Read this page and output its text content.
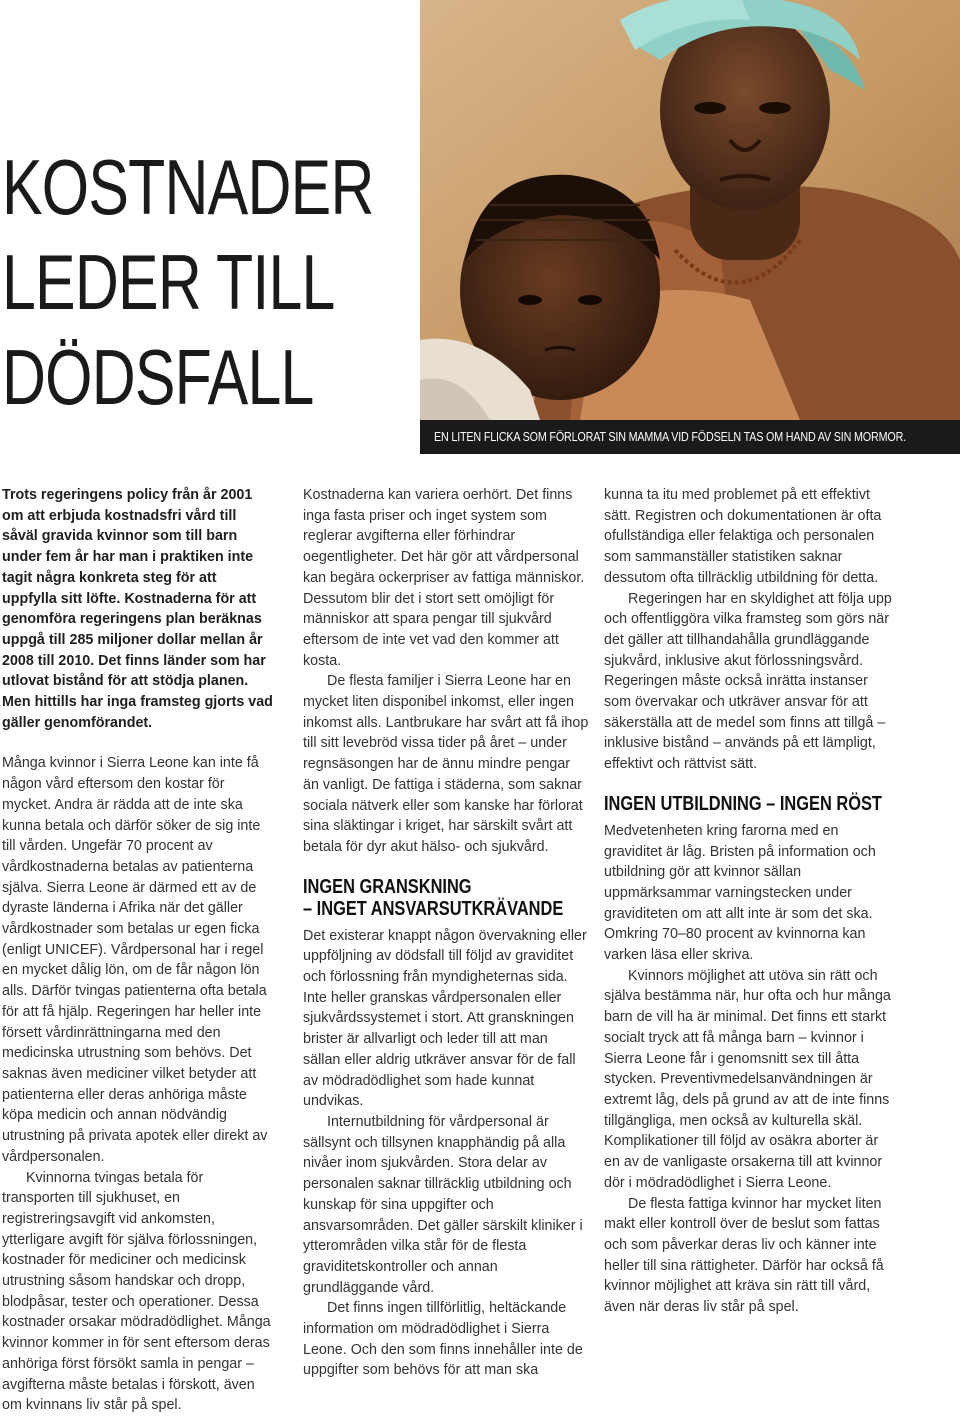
KOSTNADER
LEDER TILL
DÖDSFALL
EN LITEN FLICKA SOM FÖRLORAT SIN MAMMA VID FÖDSELN TAS OM HAND AV SIN MORMOR.

Trots regeringens policy från år 2001 om att erbjuda kostnadsfri vård till såväl gravida kvinnor som till barn under fem år har man i praktiken inte tagit några konkreta steg för att uppfylla sitt löfte. Kostnaderna för att genomföra regeringens plan beräknas uppgå till 285 miljoner dollar mellan år 2008 till 2010. Det finns länder som har utlovat bistånd för att stödja planen. Men hittills har inga framsteg gjorts vad gäller genomförandet.

Många kvinnor i Sierra Leone kan inte få någon vård eftersom den kostar för mycket. Andra är rädda att de inte ska kunna betala och därför söker de sig inte till vården. Ungefär 70 procent av vårdkostnaderna betalas av patienterna själva. Sierra Leone är därmed ett av de dyraste länderna i Afrika när det gäller vårdkostnader som betalas ur egen ficka (enligt UNICEF). Vårdpersonal har i regel en mycket dålig lön, om de får någon lön alls. Därför tvingas patienterna ofta betala för att få hjälp. Regeringen har heller inte försett vårdinrättningarna med den medicinska utrustning som behövs. Det saknas även mediciner vilket betyder att patienterna eller deras anhöriga måste köpa medicin och annan nödvändig utrustning på privata apotek eller direkt av vårdpersonalen.

Kvinnorna tvingas betala för transporten till sjukhuset, en registreringsavgift vid ankomsten, ytterligare avgift för själva förlossningen, kostnader för mediciner och medicinsk utrustning såsom handskar och dropp, blodpåsar, tester och operationer. Dessa kostnader orsakar mödradödlighet. Många kvinnor kommer in för sent eftersom deras anhöriga först försökt samla in pengar – avgifterna måste betalas i förskott, även om kvinnans liv står på spel.

Kostnaderna kan variera oerhört. Det finns inga fasta priser och inget system som reglerar avgifterna eller förhindrar oegentligheter. Det här gör att vårdpersonal kan begära ockerpriser av fattiga människor. Dessutom blir det i stort sett omöjligt för människor att spara pengar till sjukvård eftersom de inte vet vad den kommer att kosta.

De flesta familjer i Sierra Leone har en mycket liten disponibel inkomst, eller ingen inkomst alls. Lantbrukare har svårt att få ihop till sitt levebröd vissa tider på året – under regnsäsongen har de ännu mindre pengar än vanligt. De fattiga i städerna, som saknar sociala nätverk eller som kanske har förlorat sina släktingar i kriget, har särskilt svårt att betala för dyr akut hälso- och sjukvård.

INGEN GRANSKNING
– INGET ANSVARSUTKRÄVANDE

Det existerar knappt någon övervakning eller uppföljning av dödsfall till följd av graviditet och förlossning från myndigheternas sida. Inte heller granskas vårdpersonalen eller sjukvårdssystemet i stort. Att granskningen brister är allvarligt och leder till att man sällan eller aldrig utkräver ansvar för de fall av mödradödlighet som hade kunnat undvikas.

Internutbildning för vårdpersonal är sällsynt och tillsynen knapphändig på alla nivåer inom sjukvården. Stora delar av personalen saknar tillräcklig utbildning och kunskap för sina uppgifter och ansvarsområden. Det gäller särskilt kliniker i ytterområden vilka står för de flesta graviditetskontroller och annan grundläggande vård.

Det finns ingen tillförlitlig, heltäckande information om mödradödlighet i Sierra Leone. Och den som finns innehåller inte de uppgifter som behövs för att man ska

kunna ta itu med problemet på ett effektivt sätt. Registren och dokumentationen är ofta ofullständiga eller felaktiga och personalen som sammanställer statistiken saknar dessutom ofta tillräcklig utbildning för detta.

Regeringen har en skyldighet att följa upp och offentliggöra vilka framsteg som görs när det gäller att tillhandahålla grundläggande sjukvård, inklusive akut förlossningsvård. Regeringen måste också inrätta instanser som övervakar och utkräver ansvar för att säkerställa att de medel som finns att tillgå – inklusive bistånd – används på ett lämpligt, effektivt och rättvist sätt.

INGEN UTBILDNING – INGEN RÖST

Medvetenheten kring farorna med en graviditet är låg. Bristen på information och utbildning gör att kvinnor sällan uppmärksammar varningstecken under graviditeten om att allt inte är som det ska. Omkring 70–80 procent av kvinnorna kan varken läsa eller skriva.

Kvinnors möjlighet att utöva sin rätt och själva bestämma när, hur ofta och hur många barn de vill ha är minimal. Det finns ett starkt socialt tryck att få många barn – kvinnor i Sierra Leone får i genomsnitt sex till åtta stycken. Preventivmedelsanvändningen är extremt låg, dels på grund av att de inte finns tillgängliga, men också av kulturella skäl. Komplikationer till följd av osäkra aborter är en av de vanligaste orsakerna till att kvinnor dör i mödradödlighet i Sierra Leone.

De flesta fattiga kvinnor har mycket liten makt eller kontroll över de beslut som fattas och som påverkar deras liv och känner inte heller till sina rättigheter. Därför har också få kvinnor möjlighet att kräva sin rätt till vård, även när deras liv står på spel.
